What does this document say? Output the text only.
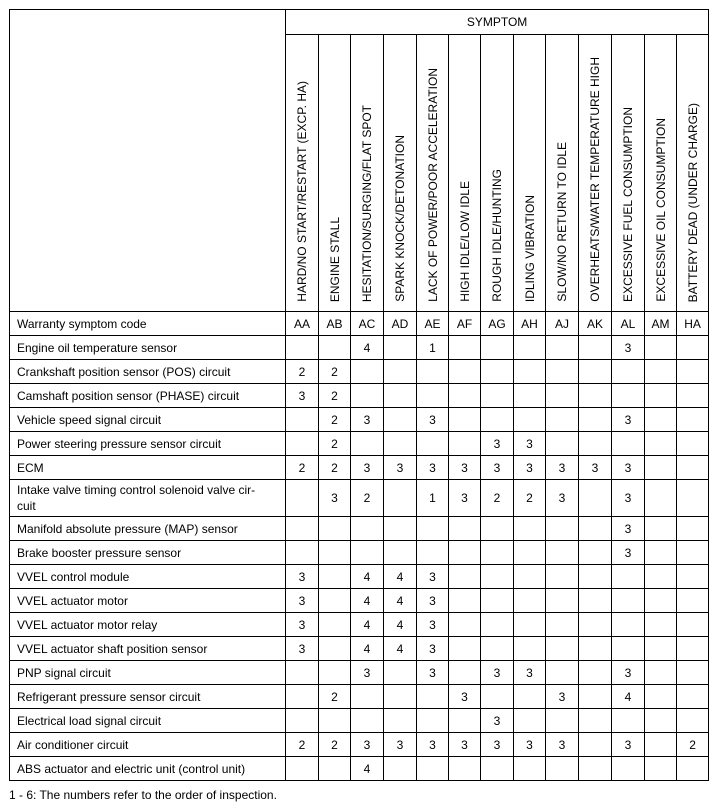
	SYMPTOM												
	HARD/NO START/RESTART (EXCP. HA)	ENGINE STALL	HESITATION/SURGING/FLAT SPOT	SPARK KNOCK/DETONATION	LACK OF POWER/POOR ACCELERATION	HIGH IDLE/LOW IDLE	ROUGH IDLE/HUNTING	IDLING VIBRATION	SLOW/NO RETURN TO IDLE	OVERHEATS/WATER TEMPERATURE HIGH	EXCESSIVE FUEL CONSUMPTION	EXCESSIVE OIL CONSUMPTION	BATTERY DEAD (UNDER CHARGE)
Warranty symptom code	AA	AB	AC	AD	AE	AF	AG	AH	AJ	AK	AL	AM	HA
Engine oil temperature sensor			4		1						3		
Crankshaft position sensor (POS) circuit	2	2											
Camshaft position sensor (PHASE) circuit	3	2											
Vehicle speed signal circuit		2	3		3						3		
Power steering pressure sensor circuit		2					3	3					
ECM	2	2	3	3	3	3	3	3	3	3	3		
Intake valve timing control solenoid valve cir-
cuit		3	2		1	3	2	2	3		3		
Manifold absolute pressure (MAP) sensor											3		
Brake booster pressure sensor											3		
VVEL control module	3		4	4	3								
VVEL actuator motor	3		4	4	3								
VVEL actuator motor relay	3		4	4	3								
VVEL actuator shaft position sensor	3		4	4	3								
PNP signal circuit			3		3		3	3			3		
Refrigerant pressure sensor circuit		2				3			3		4		
Electrical load signal circuit							3						
Air conditioner circuit	2	2	3	3	3	3	3	3	3		3		2
ABS actuator and electric unit (control unit)			4										
1 - 6: The numbers refer to the order of inspection.
